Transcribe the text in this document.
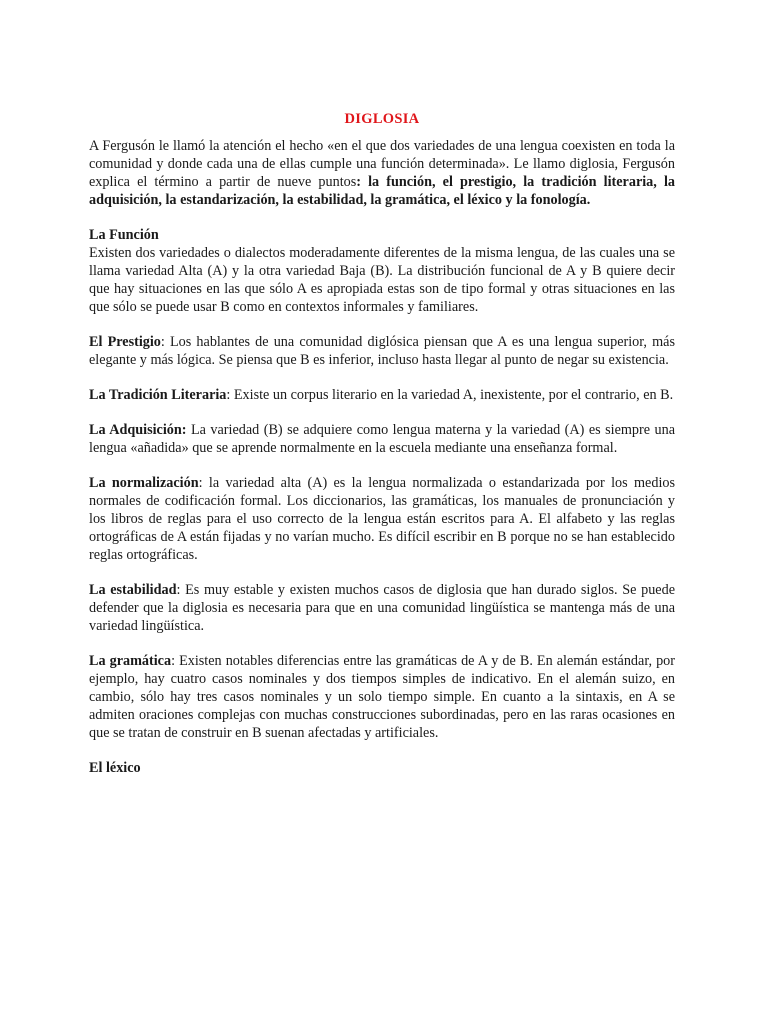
DIGLOSIA

A Fergusón le llamó la atención el hecho «en el que dos variedades de una lengua coexisten en toda la comunidad y donde cada una de ellas cumple una función determinada». Le llamo diglosia, Fergusón explica el término a partir de nueve puntos: la función, el prestigio, la tradición literaria, la adquisición, la estandarización, la estabilidad, la gramática, el léxico y la fonología.

La Función
Existen dos variedades o dialectos moderadamente diferentes de la misma lengua, de las cuales una se llama variedad Alta (A) y la otra variedad Baja (B). La distribución funcional de A y B quiere decir que hay situaciones en las que sólo A es apropiada estas son de tipo formal y otras situaciones en las que sólo se puede usar B como en contextos informales y familiares.

El Prestigio: Los hablantes de una comunidad diglósica piensan que A es una lengua superior, más elegante y más lógica. Se piensa que B es inferior, incluso hasta llegar al punto de negar su existencia.

La Tradición Literaria: Existe un corpus literario en la variedad A, inexistente, por el contrario, en B.

La Adquisición: La variedad (B) se adquiere como lengua materna y la variedad (A) es siempre una lengua «añadida» que se aprende normalmente en la escuela mediante una enseñanza formal.

La normalización: la variedad alta (A) es la lengua normalizada o estandarizada por los medios normales de codificación formal. Los diccionarios, las gramáticas, los manuales de pronunciación y los libros de reglas para el uso correcto de la lengua están escritos para A. El alfabeto y las reglas ortográficas de A están fijadas y no varían mucho. Es difícil escribir en B porque no se han establecido reglas ortográficas.

La estabilidad: Es muy estable y existen muchos casos de diglosia que han durado siglos. Se puede defender que la diglosia es necesaria para que en una comunidad lingüística se mantenga más de una variedad lingüística.

La gramática: Existen notables diferencias entre las gramáticas de A y de B. En alemán estándar, por ejemplo, hay cuatro casos nominales y dos tiempos simples de indicativo. En el alemán suizo, en cambio, sólo hay tres casos nominales y un solo tiempo simple. En cuanto a la sintaxis, en A se admiten oraciones complejas con muchas construcciones subordinadas, pero en las raras ocasiones en que se tratan de construir en B suenan afectadas y artificiales.

El léxico
